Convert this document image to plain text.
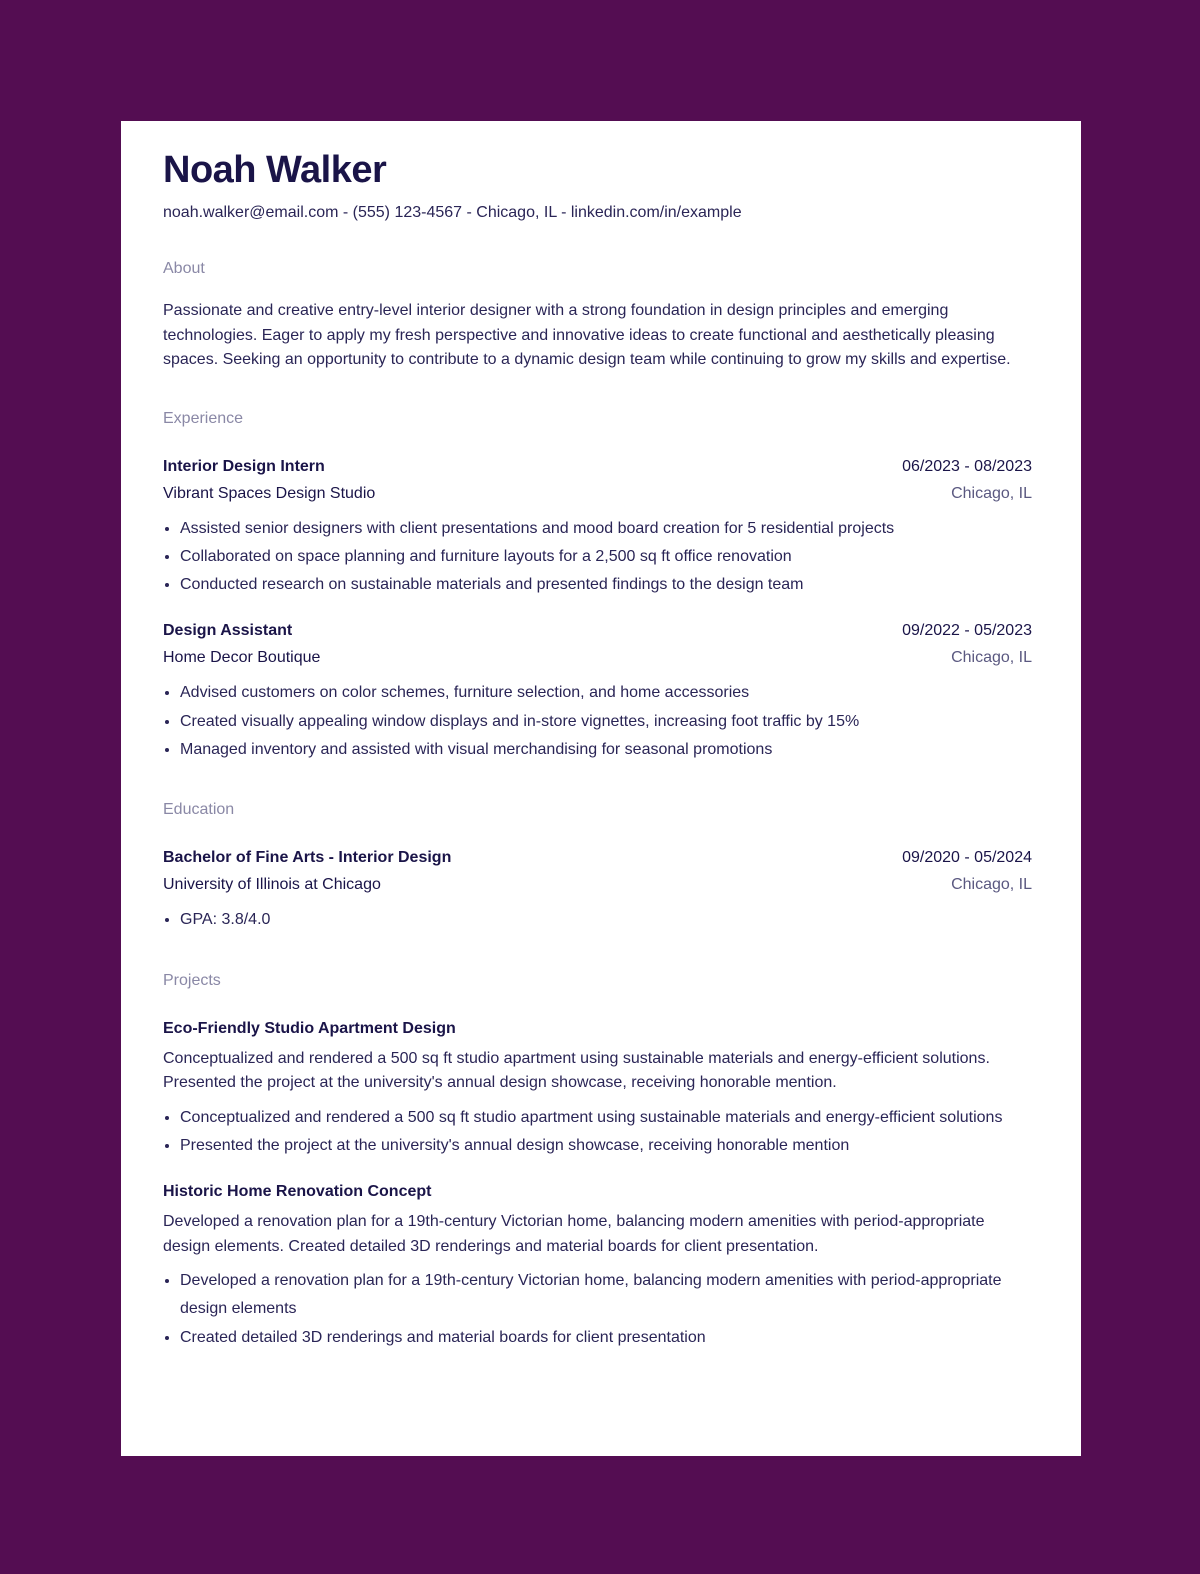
Noah Walker
noah.walker@email.com - (555) 123-4567 - Chicago, IL - linkedin.com/in/example
About
Passionate and creative entry-level interior designer with a strong foundation in design principles and emerging technologies. Eager to apply my fresh perspective and innovative ideas to create functional and aesthetically pleasing spaces. Seeking an opportunity to contribute to a dynamic design team while continuing to grow my skills and expertise.
Experience
Interior Design Intern	06/2023 - 08/2023
Vibrant Spaces Design Studio	Chicago, IL
• Assisted senior designers with client presentations and mood board creation for 5 residential projects
• Collaborated on space planning and furniture layouts for a 2,500 sq ft office renovation
• Conducted research on sustainable materials and presented findings to the design team
Design Assistant	09/2022 - 05/2023
Home Decor Boutique	Chicago, IL
• Advised customers on color schemes, furniture selection, and home accessories
• Created visually appealing window displays and in-store vignettes, increasing foot traffic by 15%
• Managed inventory and assisted with visual merchandising for seasonal promotions
Education
Bachelor of Fine Arts - Interior Design	09/2020 - 05/2024
University of Illinois at Chicago	Chicago, IL
• GPA: 3.8/4.0
Projects
Eco-Friendly Studio Apartment Design
Conceptualized and rendered a 500 sq ft studio apartment using sustainable materials and energy-efficient solutions. Presented the project at the university's annual design showcase, receiving honorable mention.
• Conceptualized and rendered a 500 sq ft studio apartment using sustainable materials and energy-efficient solutions
• Presented the project at the university's annual design showcase, receiving honorable mention
Historic Home Renovation Concept
Developed a renovation plan for a 19th-century Victorian home, balancing modern amenities with period-appropriate design elements. Created detailed 3D renderings and material boards for client presentation.
• Developed a renovation plan for a 19th-century Victorian home, balancing modern amenities with period-appropriate design elements
• Created detailed 3D renderings and material boards for client presentation
